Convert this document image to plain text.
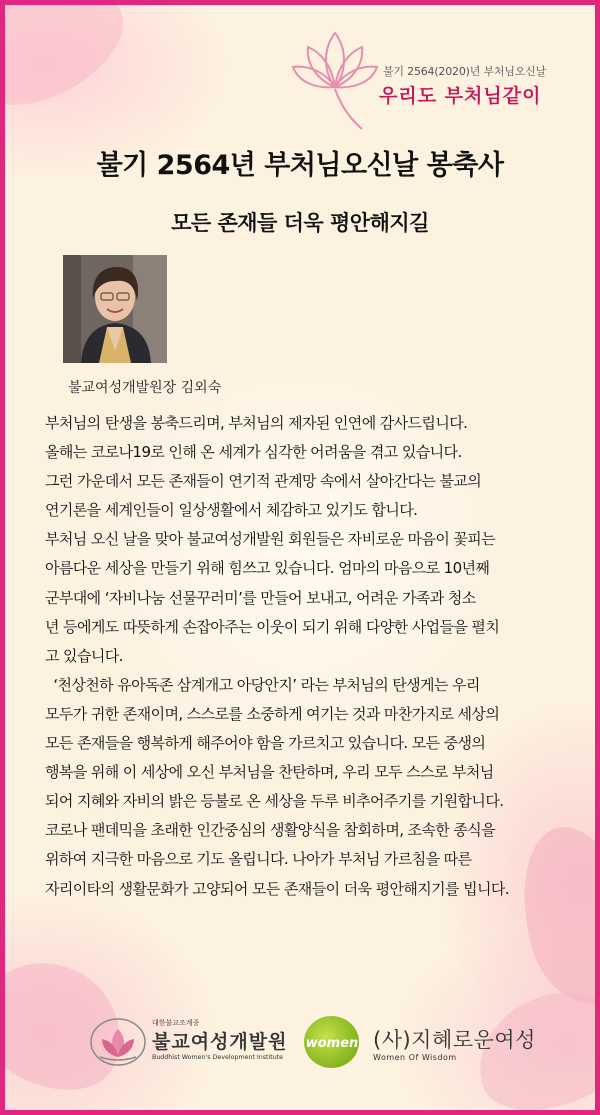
불기 2564(2020)년 부처님오신날
우리도 부처님같이
불기 2564년 부처님오신날 봉축사
모든 존재들 더욱 평안해지길
불교여성개발원장 김외숙

부처님의 탄생을 봉축드리며, 부처님의 제자된 인연에 감사드립니다.

올해는 코로나19로 인해 온 세계가 심각한 어려움을 겪고 있습니다.

그런 가운데서 모든 존재들이 연기적 관계망 속에서 살아간다는 불교의

연기론을 세계인들이 일상생활에서 체감하고 있기도 합니다.

부처님 오신 날을 맞아 불교여성개발원 회원들은 자비로운 마음이 꽃피는

아름다운 세상을 만들기 위해 힘쓰고 있습니다. 엄마의 마음으로 10년째

군부대에 ‘자비나눔 선물꾸러미’를 만들어 보내고, 어려운 가족과 청소

년 등에게도 따뜻하게 손잡아주는 이웃이 되기 위해 다양한 사업들을 펼치

고 있습니다.

‘천상천하 유아독존 삼계개고 아당안지’ 라는 부처님의 탄생게는 우리

모두가 귀한 존재이며, 스스로를 소중하게 여기는 것과 마찬가지로 세상의

모든 존재들을 행복하게 해주어야 함을 가르치고 있습니다. 모든 중생의

행복을 위해 이 세상에 오신 부처님을 찬탄하며, 우리 모두 스스로 부처님

되어 지혜와 자비의 밝은 등불로 온 세상을 두루 비추어주기를 기원합니다.

코로나 팬데믹을 초래한 인간중심의 생활양식을 참회하며, 조속한 종식을

위하여 지극한 마음으로 기도 올립니다. 나아가 부처님 가르침을 따른

자리이타의 생활문화가 고양되어 모든 존재들이 더욱 평안해지기를 빕니다.

대한불교조계종
불교여성개발원
Buddhist Women's Development Institute
women (사)지혜로운여성
Women Of Wisdom
